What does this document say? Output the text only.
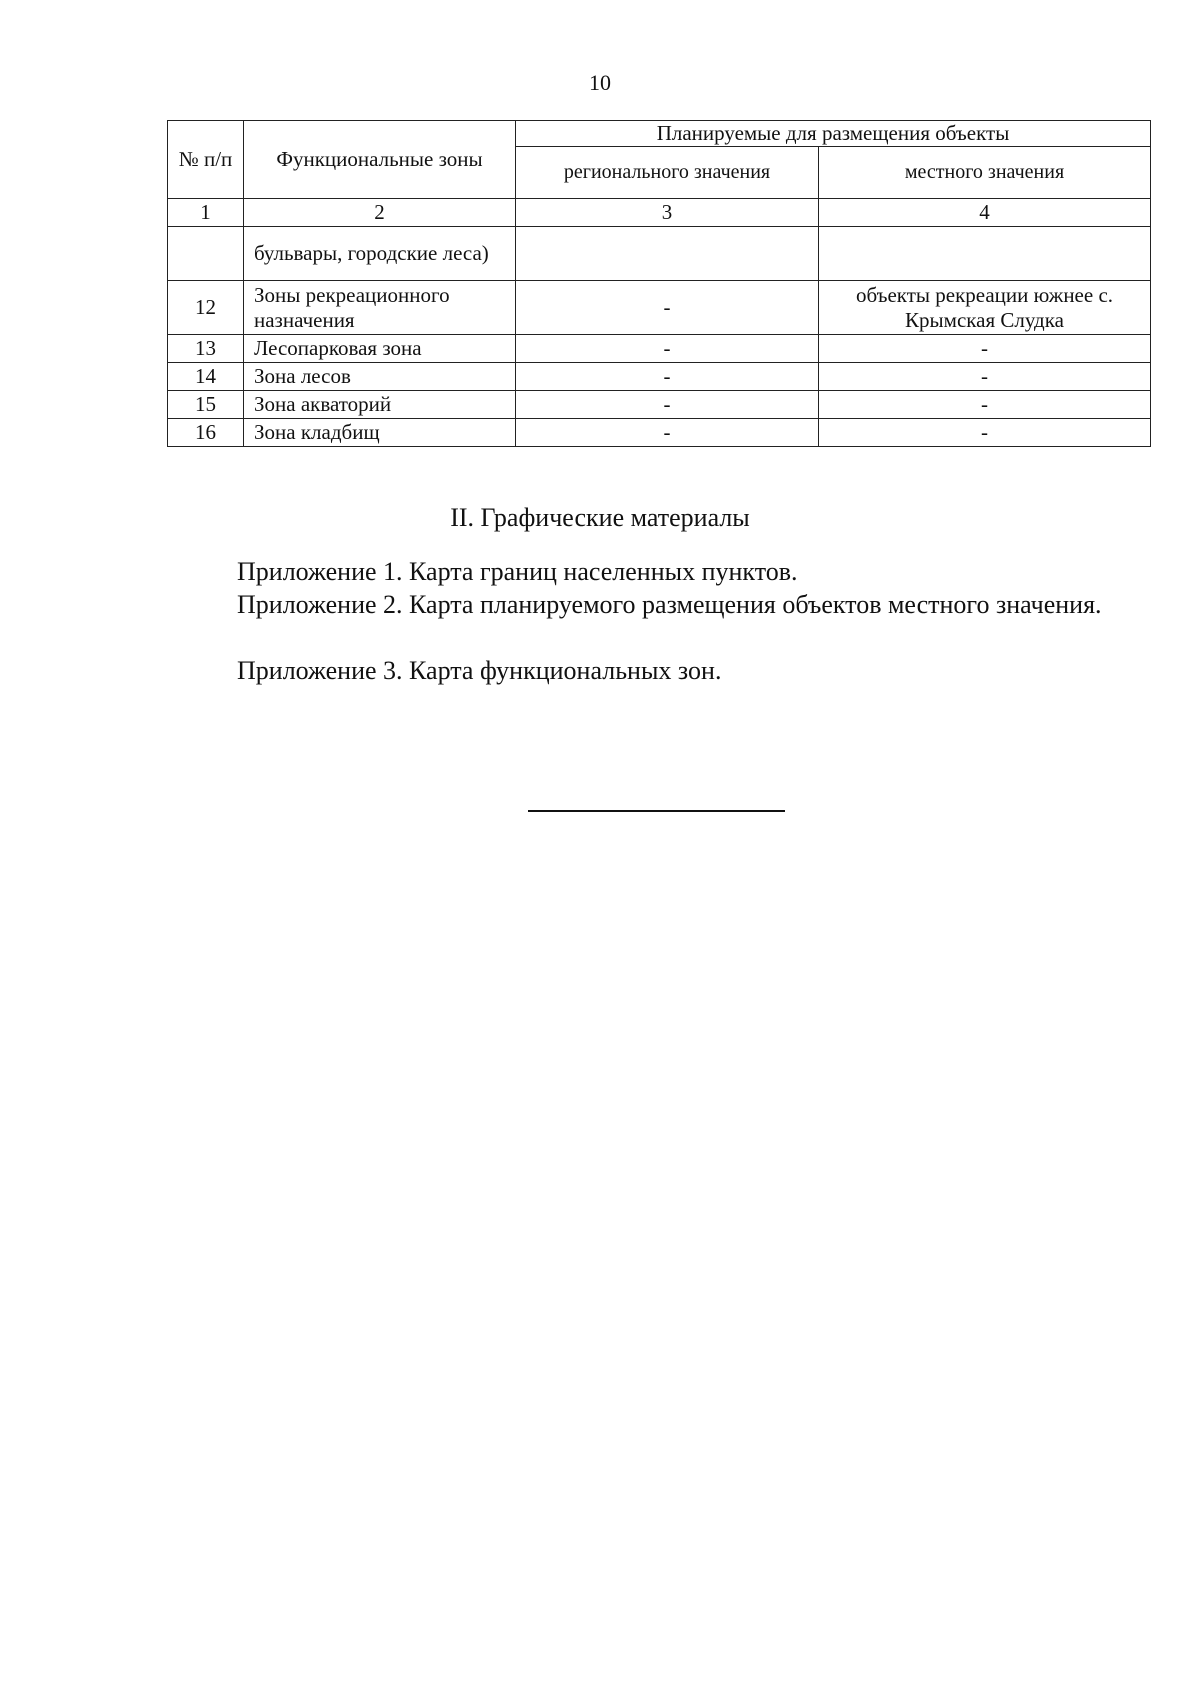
10
№ п/п	Функциональные зоны	Планируемые для размещения объекты	
		регионального значения	местного значения
1	2	3	4
	бульвары, городские леса)		
12	Зоны рекреационного назначения	-	объекты рекреации южнее с. Крымская Слудка
13	Лесопарковая зона	-	-
14	Зона лесов	-	-
15	Зона акваторий	-	-
16	Зона кладбищ	-	-
II. Графические материалы
Приложение 1. Карта границ населенных пунктов.
Приложение 2. Карта планируемого размещения объектов местного значения.
Приложение 3. Карта функциональных зон.
